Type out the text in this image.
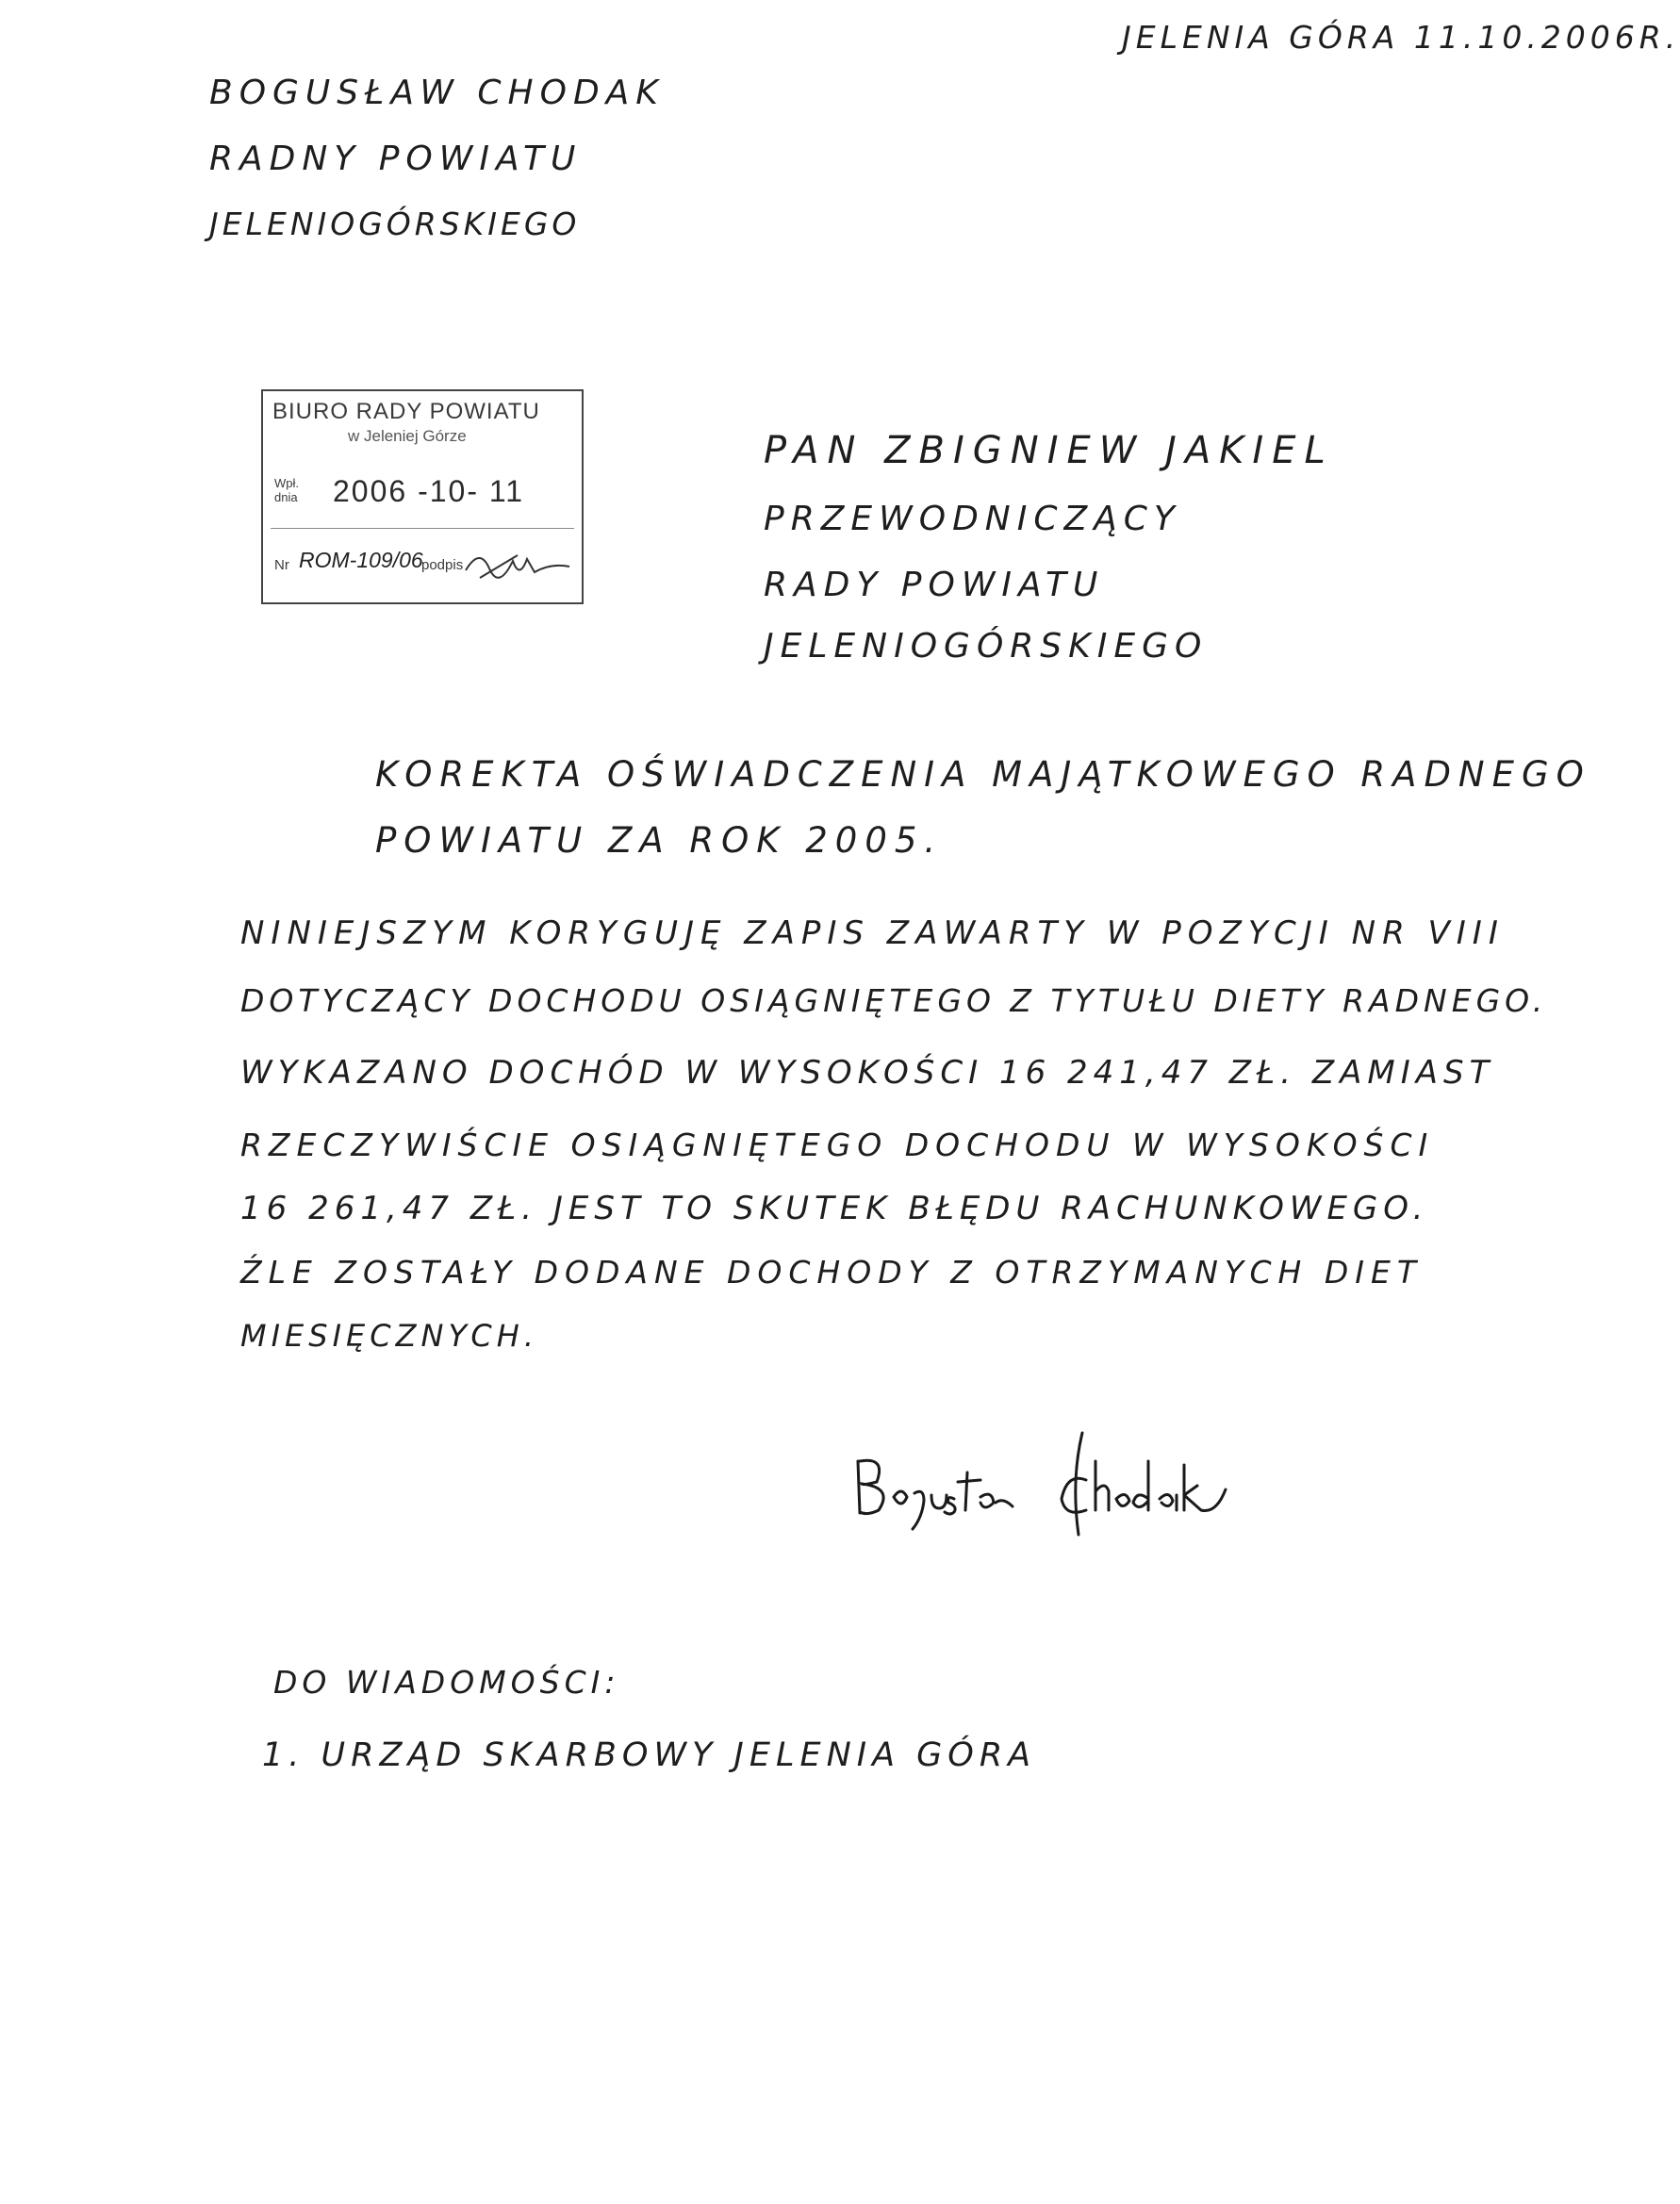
JELENIA GÓRA 11.10.2006R.

BOGUSŁAW CHODAK

RADNY POWIATU

JELENIOGÓRSKIEGO

BIURO RADY POWIATU
w Jeleniej Górze
Wpł. dnia	2006 -10- 11
Nr ROM-109/06
podpis

PAN ZBIGNIEW JAKIEL

PRZEWODNICZĄCY

RADY POWIATU

JELENIOGÓRSKIEGO

KOREKTA OŚWIADCZENIA MAJĄTKOWEGO RADNEGO

POWIATU ZA ROK 2005.

NINIEJSZYM KORYGUJĘ ZAPIS ZAWARTY W POZYCJI NR VIII

DOTYCZĄCY DOCHODU OSIĄGNIĘTEGO Z TYTUŁU DIETY RADNEGO.

WYKAZANO DOCHÓD W WYSOKOŚCI 16 241,47 ZŁ. ZAMIAST

RZECZYWIŚCIE OSIĄGNIĘTEGO DOCHODU W WYSOKOŚCI

16 261,47 ZŁ. JEST TO SKUTEK BŁĘDU RACHUNKOWEGO.

ŹLE ZOSTAŁY DODANE DOCHODY Z OTRZYMANYCH DIET

MIESIĘCZNYCH.

DO WIADOMOŚCI:

1. URZĄD SKARBOWY JELENIA GÓRA
